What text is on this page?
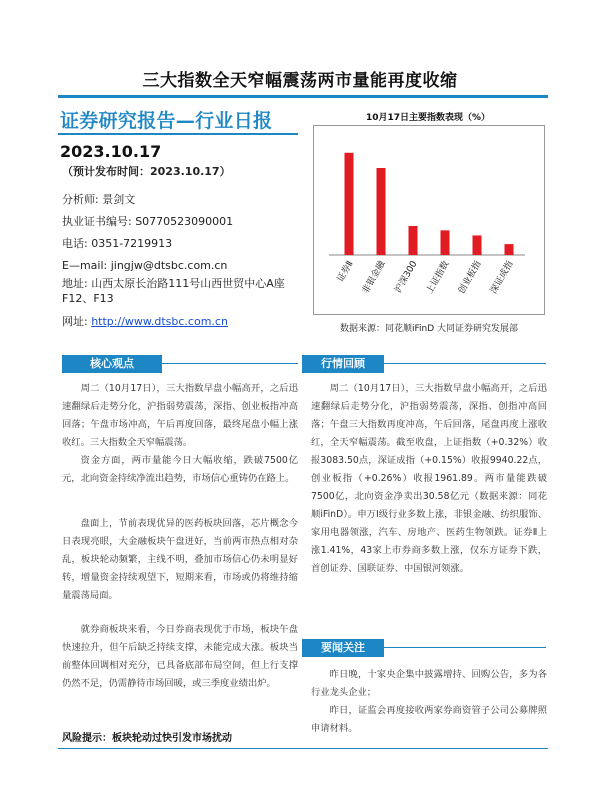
三大指数全天窄幅震荡两市量能再度收缩
证券研究报告—行业日报
2023.10.17
（预计发布时间：2023.10.17）
分析师: 景剑文
执业证书编号: S0770523090001
电话: 0351-7219913
E—mail: jingjw@dtsbc.com.cn
地址: 山西太原长治路111号山西世贸中心A座F12、F13
网址: http://www.dtsbc.com.cn
10月17日主要指数表现（%）
证券Ⅱ 非银金融 沪深300 上证指数 创业板指 深证成指
数据来源：同花顺iFinD 大同证券研究发展部
核心观点
周二（10月17日），三大指数早盘小幅高开，之后迅速翻绿后走势分化，沪指弱势震荡，深指、创业板指冲高回落；午盘市场冲高，午后再度回落，最终尾盘小幅上涨收红。三大指数全天窄幅震荡。
资金方面，两市量能今日大幅收缩，跌破7500亿元，北向资金持续净流出趋势，市场信心重铸仍在路上。
盘面上，节前表现优异的医药板块回落，芯片概念今日表现亮眼，大金融板块午盘迸好，当前两市热点相对杂乱，板块轮动频繁，主线不明，叠加市场信心仍未明显好转，增量资金持续观望下，短期来看，市场或仍将维持缩量震荡局面。
就券商板块来看，今日券商表现优于市场，板块午盘快速拉升，但午后缺乏持续支撑，未能完成大涨。板块当前整体回调相对充分，已具备底部布局空间，但上行支撑仍然不足，仍需静待市场回暖，或三季度业绩出炉。
行情回顾
周二（10月17日），三大指数早盘小幅高开，之后迅速翻绿后走势分化，沪指弱势震荡，深指、创指冲高回落；午盘三大指数再度冲高，午后回落，尾盘再度上涨收红，全天窄幅震荡。截至收盘，上证指数（+0.32%）收报3083.50点，深证成指（+0.15%）收报9940.22点，创业板指（+0.26%）收报1961.89。两市量能跌破7500亿，北向资金净卖出30.58亿元（数据来源：同花顺iFinD）。申万I级行业多数上涨，非银金融、纺织服饰、家用电器领涨，汽车、房地产、医药生物领跌。证券Ⅱ上涨1.41%，43家上市券商多数上涨，仅东方证券下跌，首创证券、国联证券、中国银河领涨。
要闻关注
昨日晚，十家央企集中披露增持、回购公告，多为各行业龙头企业；
昨日，证监会再度接收两家券商资管子公司公募牌照申请材料。
风险提示：板块轮动过快引发市场扰动
